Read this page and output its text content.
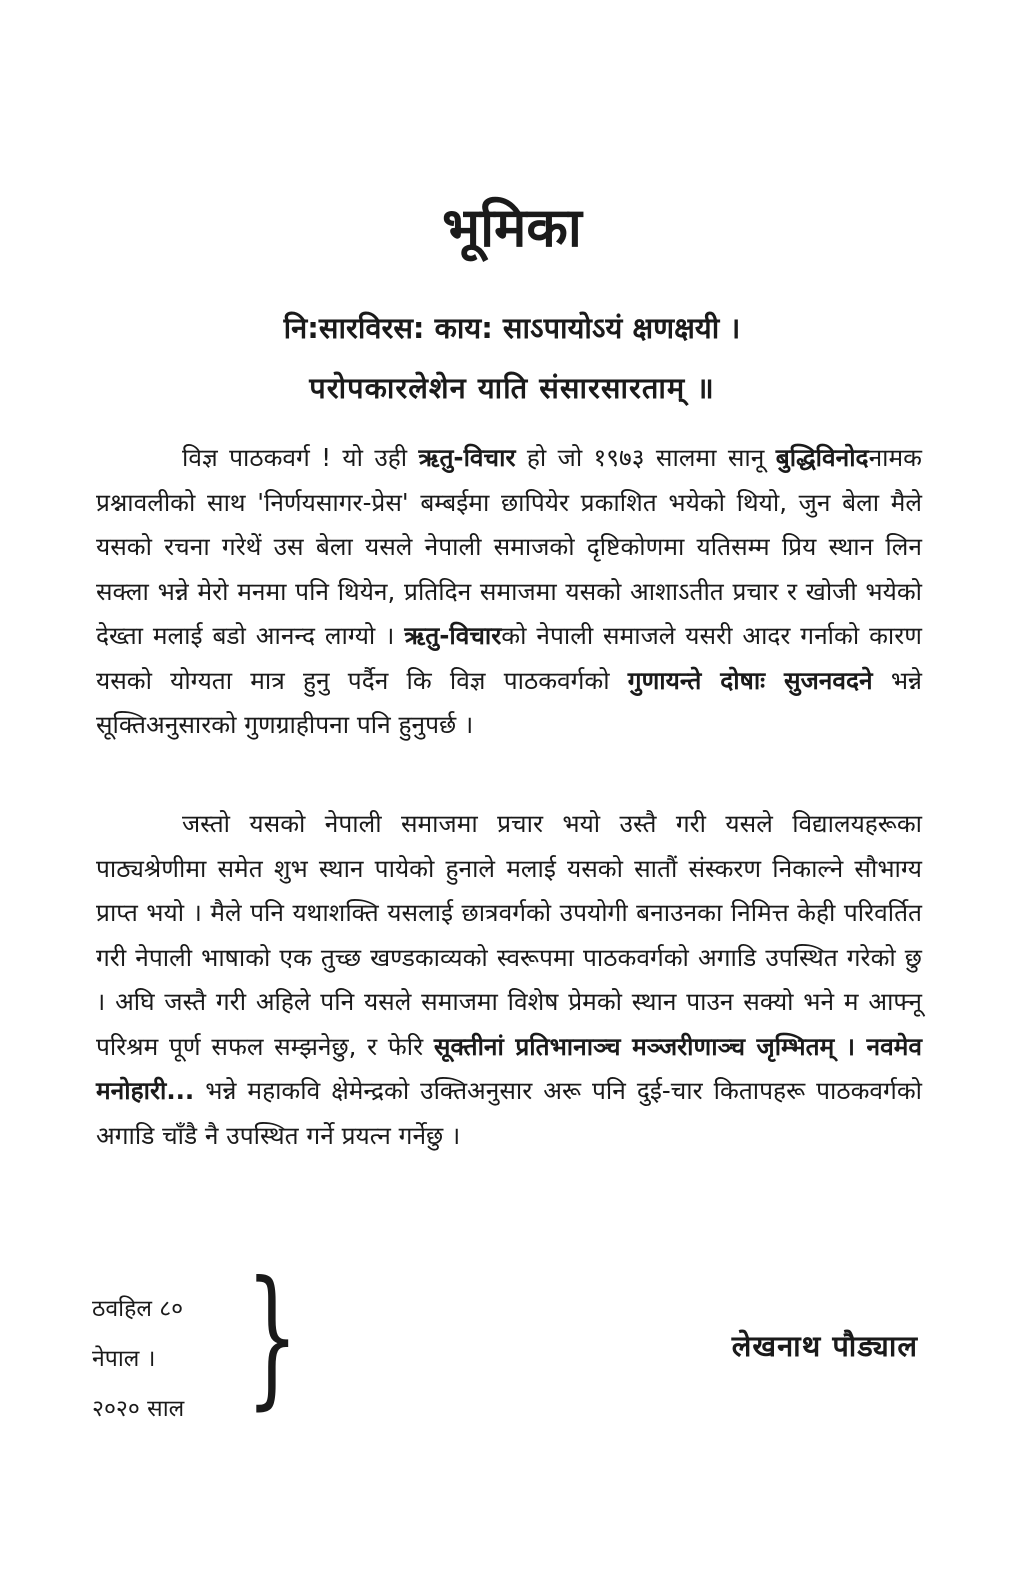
भूमिका

नि:सारविरस: काय: साऽपायोऽयं क्षणक्षयी ।

परोपकारलेशेन याति संसारसारताम् ॥

विज्ञ पाठकवर्ग ! यो उही ऋतु-विचार हो जो १९७३ सालमा सानू बुद्धिविनोदनामक प्रश्नावलीको साथ 'निर्णयसागर-प्रेस' बम्बईमा छापियेर प्रकाशित भयेको थियो, जुन बेला मैले यसको रचना गरेथें उस बेला यसले नेपाली समाजको दृष्टिकोणमा यतिसम्म प्रिय स्थान लिन सक्ला भन्ने मेरो मनमा पनि थियेन, प्रतिदिन समाजमा यसको आशाऽतीत प्रचार र खोजी भयेको देख्ता मलाई बडो आनन्द लाग्यो । ऋतु-विचारको नेपाली समाजले यसरी आदर गर्नाको कारण यसको योग्यता मात्र हुनु पर्दैन कि विज्ञ पाठकवर्गको गुणायन्ते दोषाः सुजनवदने भन्ने सूक्तिअनुसारको गुणग्राहीपना पनि हुनुपर्छ ।

जस्तो यसको नेपाली समाजमा प्रचार भयो उस्तै गरी यसले विद्यालयहरूका पाठ्यश्रेणीमा समेत शुभ स्थान पायेको हुनाले मलाई यसको सातौं संस्करण निकाल्ने सौभाग्य प्राप्त भयो । मैले पनि यथाशक्ति यसलाई छात्रवर्गको उपयोगी बनाउनका निमित्त केही परिवर्तित गरी नेपाली भाषाको एक तुच्छ खण्डकाव्यको स्वरूपमा पाठकवर्गको अगाडि उपस्थित गरेको छु । अघि जस्तै गरी अहिले पनि यसले समाजमा विशेष प्रेमको स्थान पाउन सक्यो भने म आफ्नू परिश्रम पूर्ण सफल सम्झनेछु, र फेरि सूक्तीनां प्रतिभानाञ्च मञ्जरीणाञ्च जृम्भितम् । नवमेव मनोहारी... भन्ने महाकवि क्षेमेन्द्रको उक्तिअनुसार अरू पनि दुई-चार कितापहरू पाठकवर्गको अगाडि चाँडै नै उपस्थित गर्ने प्रयत्न गर्नेछु ।

ठवहिल ८०
नेपाल ।
२०२० साल }	लेखनाथ पौड्याल
